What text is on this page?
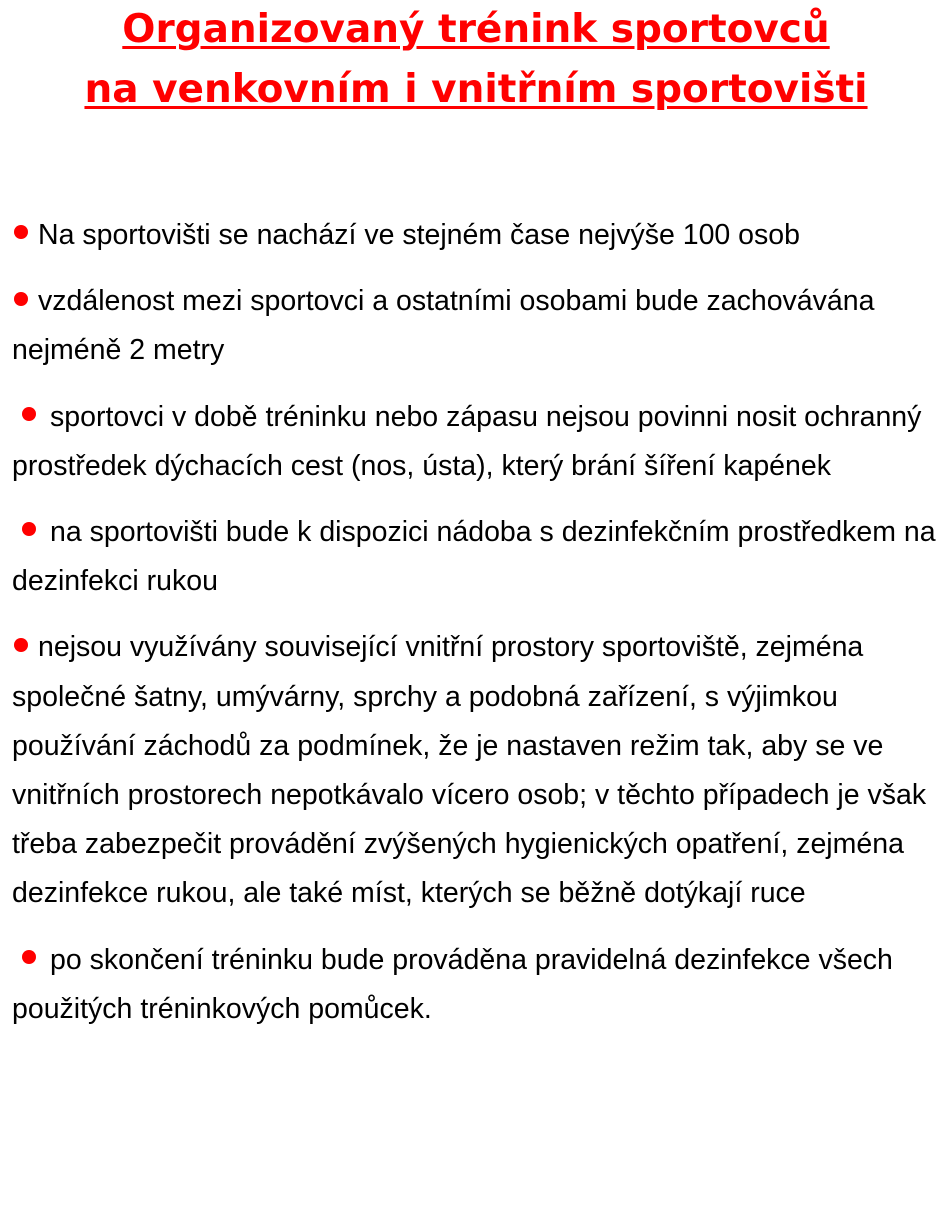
Organizovaný trénink sportovců
na venkovním i vnitřním sportovišti
Na sportovišti se nachází ve stejném čase nejvýše 100 osob
vzdálenost mezi sportovci a ostatními osobami bude zachovávána nejméně 2 metry
sportovci v době tréninku nebo zápasu nejsou povinni nosit ochranný prostředek dýchacích cest (nos, ústa), který brání šíření kapének
na sportovišti bude k dispozici nádoba s dezinfekčním prostředkem na dezinfekci rukou
nejsou využívány související vnitřní prostory sportoviště, zejména společné šatny, umývárny, sprchy a podobná zařízení, s výjimkou používání záchodů za podmínek, že je nastaven režim tak, aby se ve vnitřních prostorech nepotkávalo vícero osob; v těchto případech je však třeba zabezpečit provádění zvýšených hygienických opatření, zejména dezinfekce rukou, ale také míst, kterých se běžně dotýkají ruce
po skončení tréninku bude prováděna pravidelná dezinfekce všech použitých tréninkových pomůcek.
